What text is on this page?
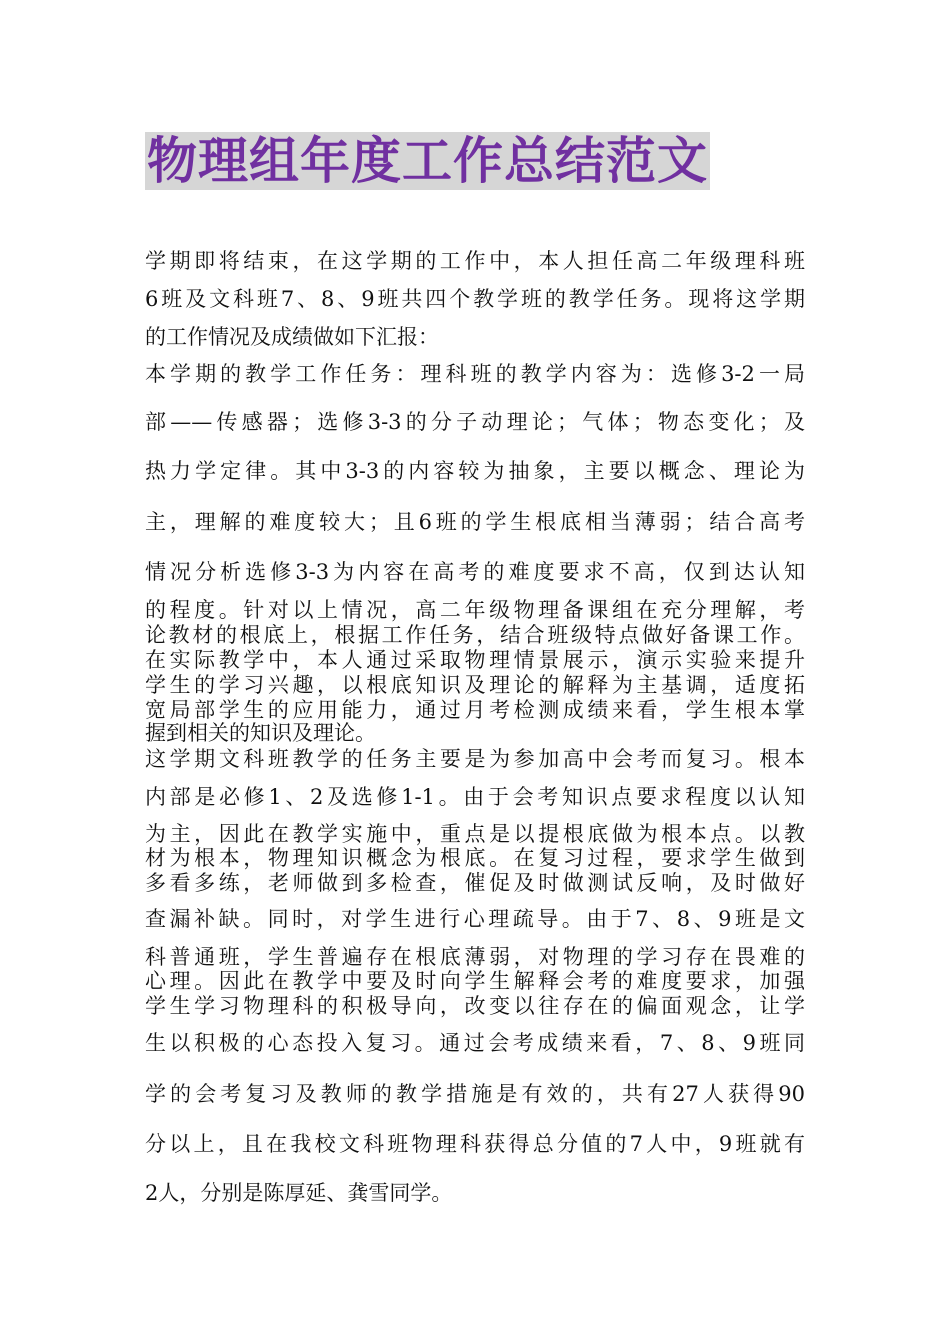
物理组年度工作总结范文
学期即将结束，在这学期的工作中，本人担任高二年级理科班
6班及文科班7、8、9班共四个教学班的教学任务。现将这学期
的工作情况及成绩做如下汇报：
本学期的教学工作任务：理科班的教学内容为：选修3-2一局
部——传感器；选修3-3的分子动理论；气体；物态变化；及
热力学定律。其中3-3的内容较为抽象，主要以概念、理论为
主，理解的难度较大；且6班的学生根底相当薄弱；结合高考
情况分析选修3-3为内容在高考的难度要求不高，仅到达认知
的程度。针对以上情况，高二年级物理备课组在充分理解，考
论教材的根底上，根据工作任务，结合班级特点做好备课工作。
在实际教学中，本人通过采取物理情景展示，演示实验来提升
学生的学习兴趣，以根底知识及理论的解释为主基调，适度拓
宽局部学生的应用能力，通过月考检测成绩来看，学生根本掌
握到相关的知识及理论。
这学期文科班教学的任务主要是为参加高中会考而复习。根本
内部是必修1、2及选修1-1。由于会考知识点要求程度以认知
为主，因此在教学实施中，重点是以提根底做为根本点。以教
材为根本，物理知识概念为根底。在复习过程，要求学生做到
多看多练，老师做到多检查，催促及时做测试反响，及时做好
查漏补缺。同时，对学生进行心理疏导。由于7、8、9班是文
科普通班，学生普遍存在根底薄弱，对物理的学习存在畏难的
心理。因此在教学中要及时向学生解释会考的难度要求，加强
学生学习物理科的积极导向，改变以往存在的偏面观念，让学
生以积极的心态投入复习。通过会考成绩来看，7、8、9班同
学的会考复习及教师的教学措施是有效的，共有27人获得90
分以上，且在我校文科班物理科获得总分值的7人中，9班就有
2人，分别是陈厚延、龚雪同学。
